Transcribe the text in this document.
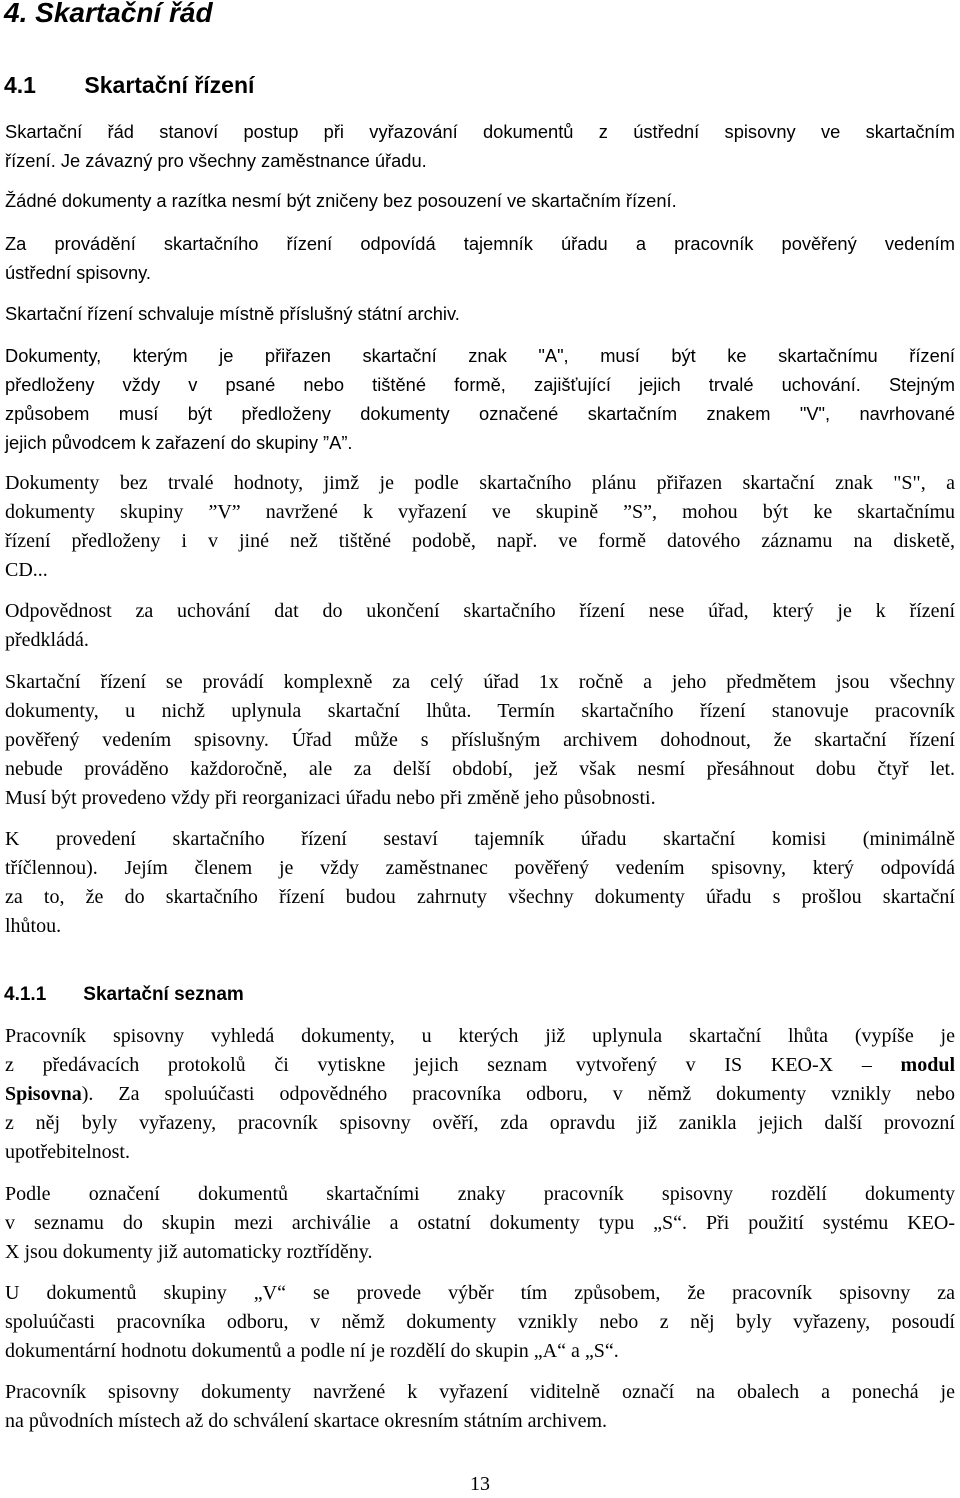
4. Skartační řád
4.1 Skartační řízení
Skartační řád stanoví postup při vyřazování dokumentů z ústřední spisovny ve skartačním
řízení. Je závazný pro všechny zaměstnance úřadu.
Žádné dokumenty a razítka nesmí být zničeny bez posouzení ve skartačním řízení.
Za provádění skartačního řízení odpovídá tajemník úřadu a pracovník pověřený vedením
ústřední spisovny.
Skartační řízení schvaluje místně příslušný státní archiv.
Dokumenty, kterým je přiřazen skartační znak "A", musí být ke skartačnímu řízení
předloženy vždy v psané nebo tištěné formě, zajišťující jejich trvalé uchování. Stejným
způsobem musí být předloženy dokumenty označené skartačním znakem "V", navrhované
jejich původcem k zařazení do skupiny ”A”.
Dokumenty bez trvalé hodnoty, jimž je podle skartačního plánu přiřazen skartační znak "S", a
dokumenty skupiny ”V” navržené k vyřazení ve skupině ”S”, mohou být ke skartačnímu
řízení předloženy i v jiné než tištěné podobě, např. ve formě datového záznamu na disketě,
CD...
Odpovědnost za uchování dat do ukončení skartačního řízení nese úřad, který je k řízení
předkládá.
Skartační řízení se provádí komplexně za celý úřad 1x ročně a jeho předmětem jsou všechny
dokumenty, u nichž uplynula skartační lhůta. Termín skartačního řízení stanovuje pracovník
pověřený vedením spisovny. Úřad může s příslušným archivem dohodnout, že skartační řízení
nebude prováděno každoročně, ale za delší období, jež však nesmí přesáhnout dobu čtyř let.
Musí být provedeno vždy při reorganizaci úřadu nebo při změně jeho působnosti.
K provedení skartačního řízení sestaví tajemník úřadu skartační komisi (minimálně
tříčlennou). Jejím členem je vždy zaměstnanec pověřený vedením spisovny, který odpovídá
za to, že do skartačního řízení budou zahrnuty všechny dokumenty úřadu s prošlou skartační
lhůtou.
4.1.1 Skartační seznam
Pracovník spisovny vyhledá dokumenty, u kterých již uplynula skartační lhůta (vypíše je
z předávacích protokolů či vytiskne jejich seznam vytvořený v IS KEO-X – modul
Spisovna). Za spoluúčasti odpovědného pracovníka odboru, v němž dokumenty vznikly nebo
z něj byly vyřazeny, pracovník spisovny ověří, zda opravdu již zanikla jejich další provozní
upotřebitelnost.
Podle označení dokumentů skartačními znaky pracovník spisovny rozdělí dokumenty
v seznamu do skupin mezi archiválie a ostatní dokumenty typu „S“. Při použití systému KEO-
X jsou dokumenty již automaticky roztříděny.
U dokumentů skupiny „V“ se provede výběr tím způsobem, že pracovník spisovny za
spoluúčasti pracovníka odboru, v němž dokumenty vznikly nebo z něj byly vyřazeny, posoudí
dokumentární hodnotu dokumentů a podle ní je rozdělí do skupin „A“ a „S“.
Pracovník spisovny dokumenty navržené k vyřazení viditelně označí na obalech a ponechá je
na původních místech až do schválení skartace okresním státním archivem.
13
